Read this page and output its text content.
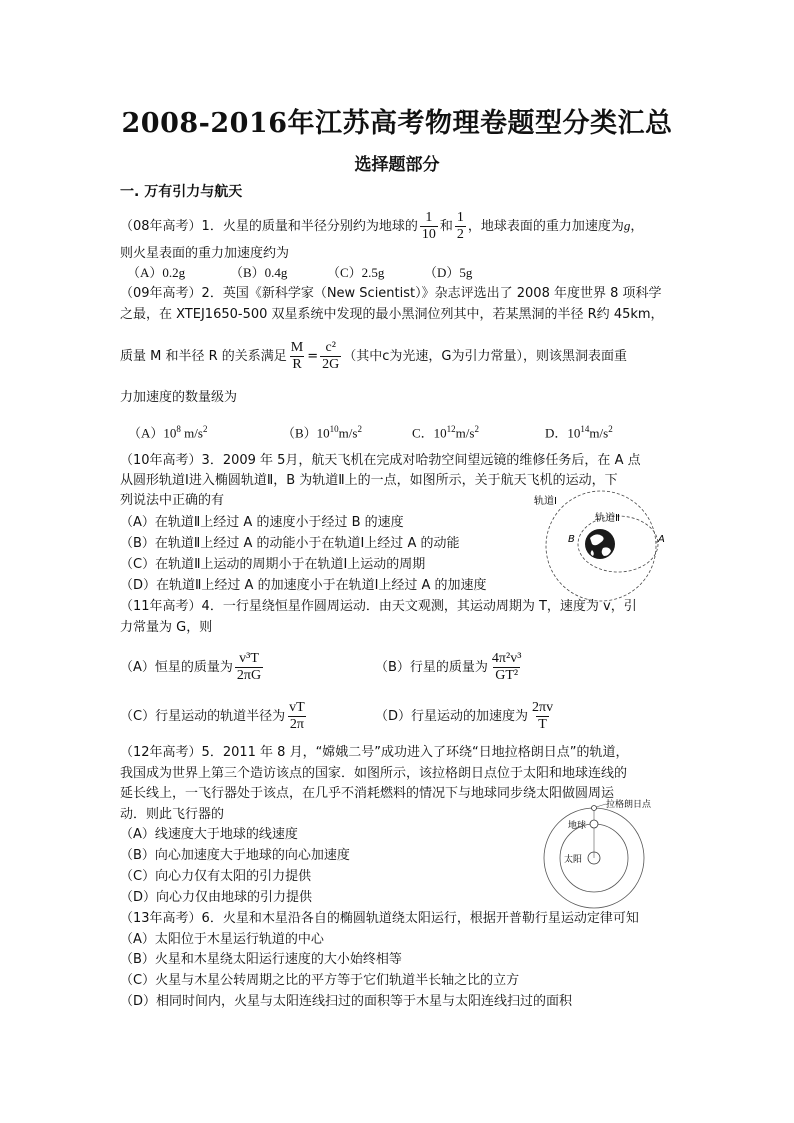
2008-2016年江苏高考物理卷题型分类汇总
选择题部分
一. 万有引力与航天
（08年高考）1．火星的质量和半径分别约为地球的 $\frac{1}{10}$ 和 $\frac{1}{2}$ ，地球表面的重力加速度为g，
则火星表面的重力加速度约为
（A）0.2g	（B）0.4g	（C）2.5g	（D）5g
（09年高考）2．英国《新科学家（New Scientist）》杂志评选出了 2008 年度世界 8 项科学
之最，在 XTEJ1650-500 双星系统中发现的最小黑洞位列其中，若某黑洞的半径 R约 45km，
质量 M 和半径 R 的关系满足 $\frac{M}{R} = \frac{\text{c²}}{2G}$ （其中c为光速，G为引力常量），则该黑洞表面重
力加速度的数量级为
$(A)10^8$ $m/s^2$	$(B)10^{10}m/s^2$	C．$10^{12}m/s^2$	D．$10^{14}m/s^2$
（10年高考）3．2009 年 5月，航天飞机在完成对哈勃空间望远镜的维修任务后，在 A 点
从圆形轨道Ⅰ进入椭圆轨道Ⅱ，B 为轨道Ⅱ上的一点，如图所示，关于航天飞机的运动，下
列说法中正确的有
（A）在轨道Ⅱ上经过 A 的速度小于经过 B 的速度
（B）在轨道Ⅱ上经过 A 的动能小于在轨道Ⅰ上经过 A 的动能
（C）在轨道Ⅱ上运动的周期小于在轨道Ⅰ上运动的周期
（D）在轨道Ⅱ上经过 A 的加速度小于在轨道Ⅰ上经过 A 的加速度
轨道Ⅰ
轨道Ⅱ
A
B
（11年高考）4．一行星绕恒星作圆周运动．由天文观测，其运动周期为 T，速度为 v，引
力常量为 G，则
（A）恒星的质量为 $\frac{\text{v³T}}{2\pi G}$	（B）行星的质量为 $\frac{\text{4π²v³}}{\text{GT²}}$
（C）行星运动的轨道半径为 $\frac{vT}{2\pi}$	（D）行星运动的加速度为 $\frac{2\pi v}{T}$
（12年高考）5．2011 年 8 月，“嫦娥二号”成功进入了环绕“日地拉格朗日点”的轨道，
我国成为世界上第三个造访该点的国家．如图所示，该拉格朗日点位于太阳和地球连线的
延长线上，一飞行器处于该点，在几乎不消耗燃料的情况下与地球同步绕太阳做圆周运
动．则此飞行器的
（A）线速度大于地球的线速度
（B）向心加速度大于地球的向心加速度
（C）向心力仅有太阳的引力提供
（D）向心力仅由地球的引力提供
拉格朗日点
地球
太阳
（13年高考）6．火星和木星沿各自的椭圆轨道绕太阳运行，根据开普勒行星运动定律可知
（A）太阳位于木星运行轨道的中心
（B）火星和木星绕太阳运行速度的大小始终相等
（C）火星与木星公转周期之比的平方等于它们轨道半长轴之比的立方
（D）相同时间内，火星与太阳连线扫过的面积等于木星与太阳连线扫过的面积
